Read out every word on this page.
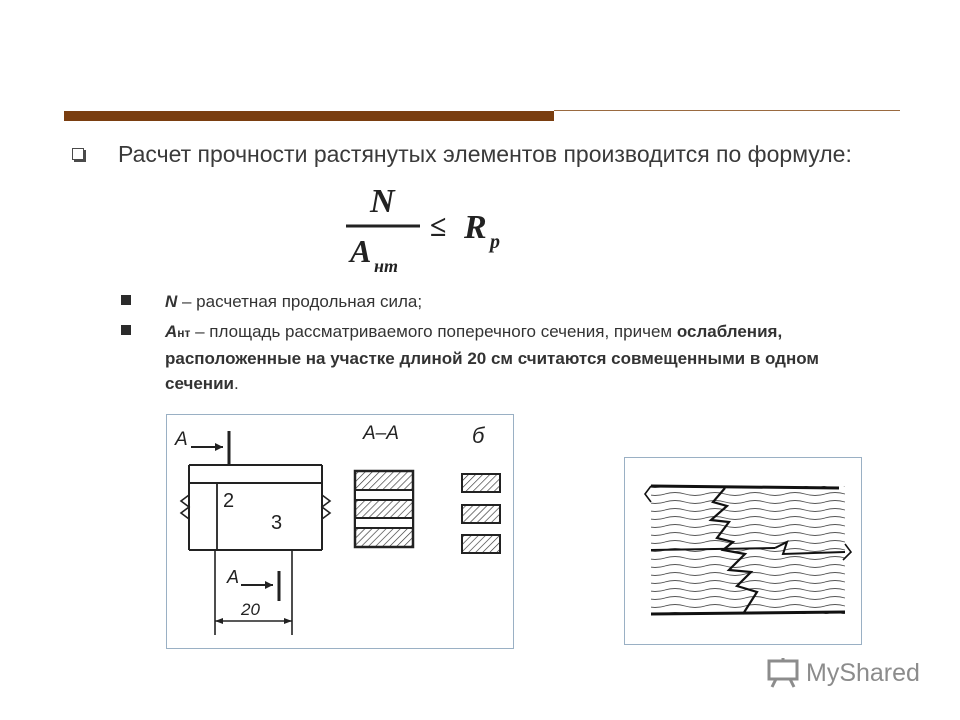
Расчет прочности растянутых элементов производится по формуле:
N
A нт
≤ R p
N – расчетная продольная сила;
Aнт – площадь рассматриваемого поперечного сечения, причем ослабления, расположенные на участке длиной 20 см считаются совмещенными в одном сечении.
А
2
3
А
20
А–А	б
MyShared
